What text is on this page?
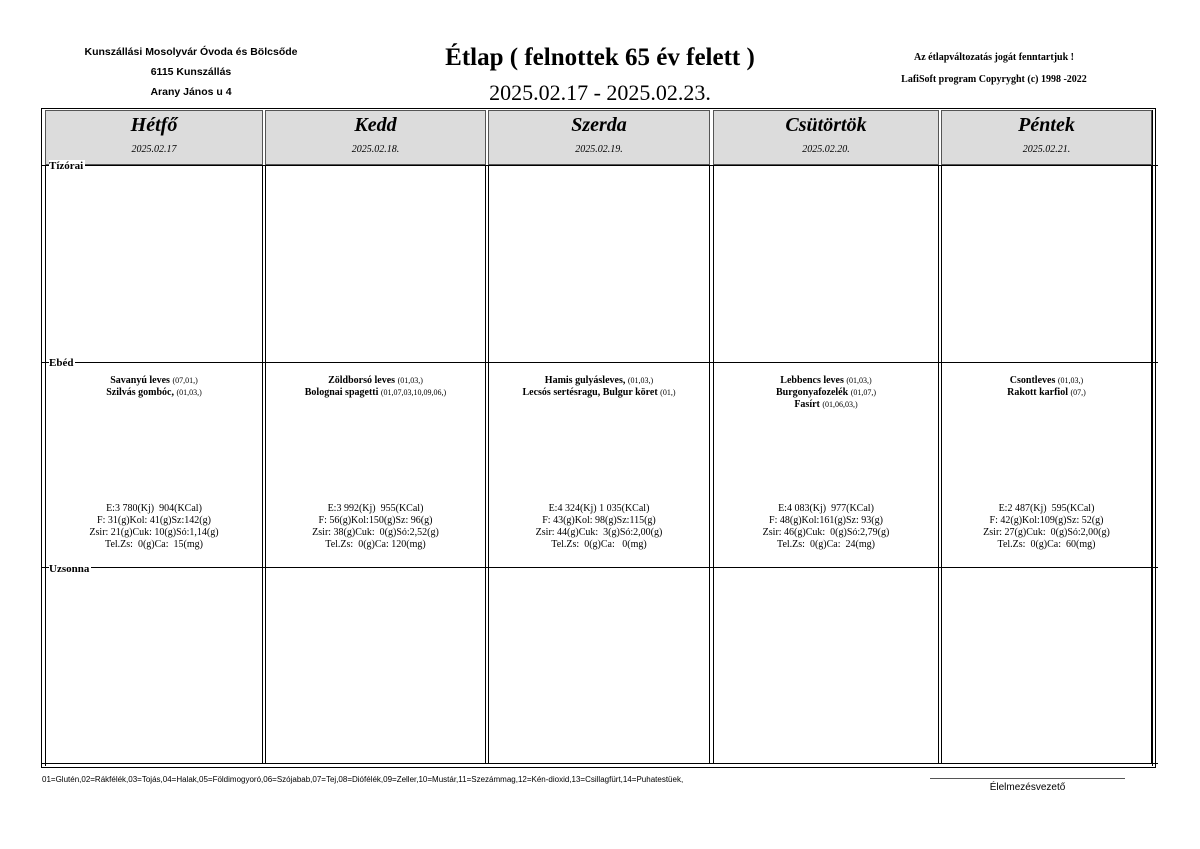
Kunszállási Mosolyvár Óvoda és Bölcsőde
6115 Kunszállás
Arany János u 4
Étlap ( felnottek 65 év felett )
2025.02.17 - 2025.02.23.
Az étlapváltozatás jogát fenntartjuk !
LafiSoft program Copyryght (c) 1998 -2022
Hétfő
2025.02.17
Kedd
2025.02.18.
Szerda
2025.02.19.
Csütörtök
2025.02.20.
Péntek
2025.02.21.
Tízórai
Ebéd
Uzsonna
Savanyú leves (07,01,)
Szilvás gombóc, (01,03,)
Zöldborsó leves (01,03,)
Bolognai spagetti (01,07,03,10,09,06,)
Hamis gulyásleves, (01,03,)
Lecsós sertésragu, Bulgur köret (01,)
Lebbencs leves (01,03,)
Burgonyafozelék (01,07,)
Fasírt (01,06,03,)
Csontleves (01,03,)
Rakott karfiol (07,)
E:3 780(Kj)  904(KCal)
F: 31(g)Kol: 41(g)Sz:142(g)
Zsir: 21(g)Cuk: 10(g)Só:1,14(g)
Tel.Zs:  0(g)Ca:  15(mg)
E:3 992(Kj)  955(KCal)
F: 56(g)Kol:150(g)Sz: 96(g)
Zsir: 38(g)Cuk:  0(g)Só:2,52(g)
Tel.Zs:  0(g)Ca: 120(mg)
E:4 324(Kj) 1 035(KCal)
F: 43(g)Kol: 98(g)Sz:115(g)
Zsir: 44(g)Cuk:  3(g)Só:2,00(g)
Tel.Zs:  0(g)Ca:   0(mg)
E:4 083(Kj)  977(KCal)
F: 48(g)Kol:161(g)Sz: 93(g)
Zsir: 46(g)Cuk:  0(g)Só:2,79(g)
Tel.Zs:  0(g)Ca:  24(mg)
E:2 487(Kj)  595(KCal)
F: 42(g)Kol:109(g)Sz: 52(g)
Zsir: 27(g)Cuk:  0(g)Só:2,00(g)
Tel.Zs:  0(g)Ca:  60(mg)
01=Glutén,02=Rákfélék,03=Tojás,04=Halak,05=Földimogyoró,06=Szójabab,07=Tej,08=Diófélék,09=Zeller,10=Mustár,11=Szezámmag,12=Kén-dioxid,13=Csillagfürt,14=Puhatestüek,
Élelmezésvezető
